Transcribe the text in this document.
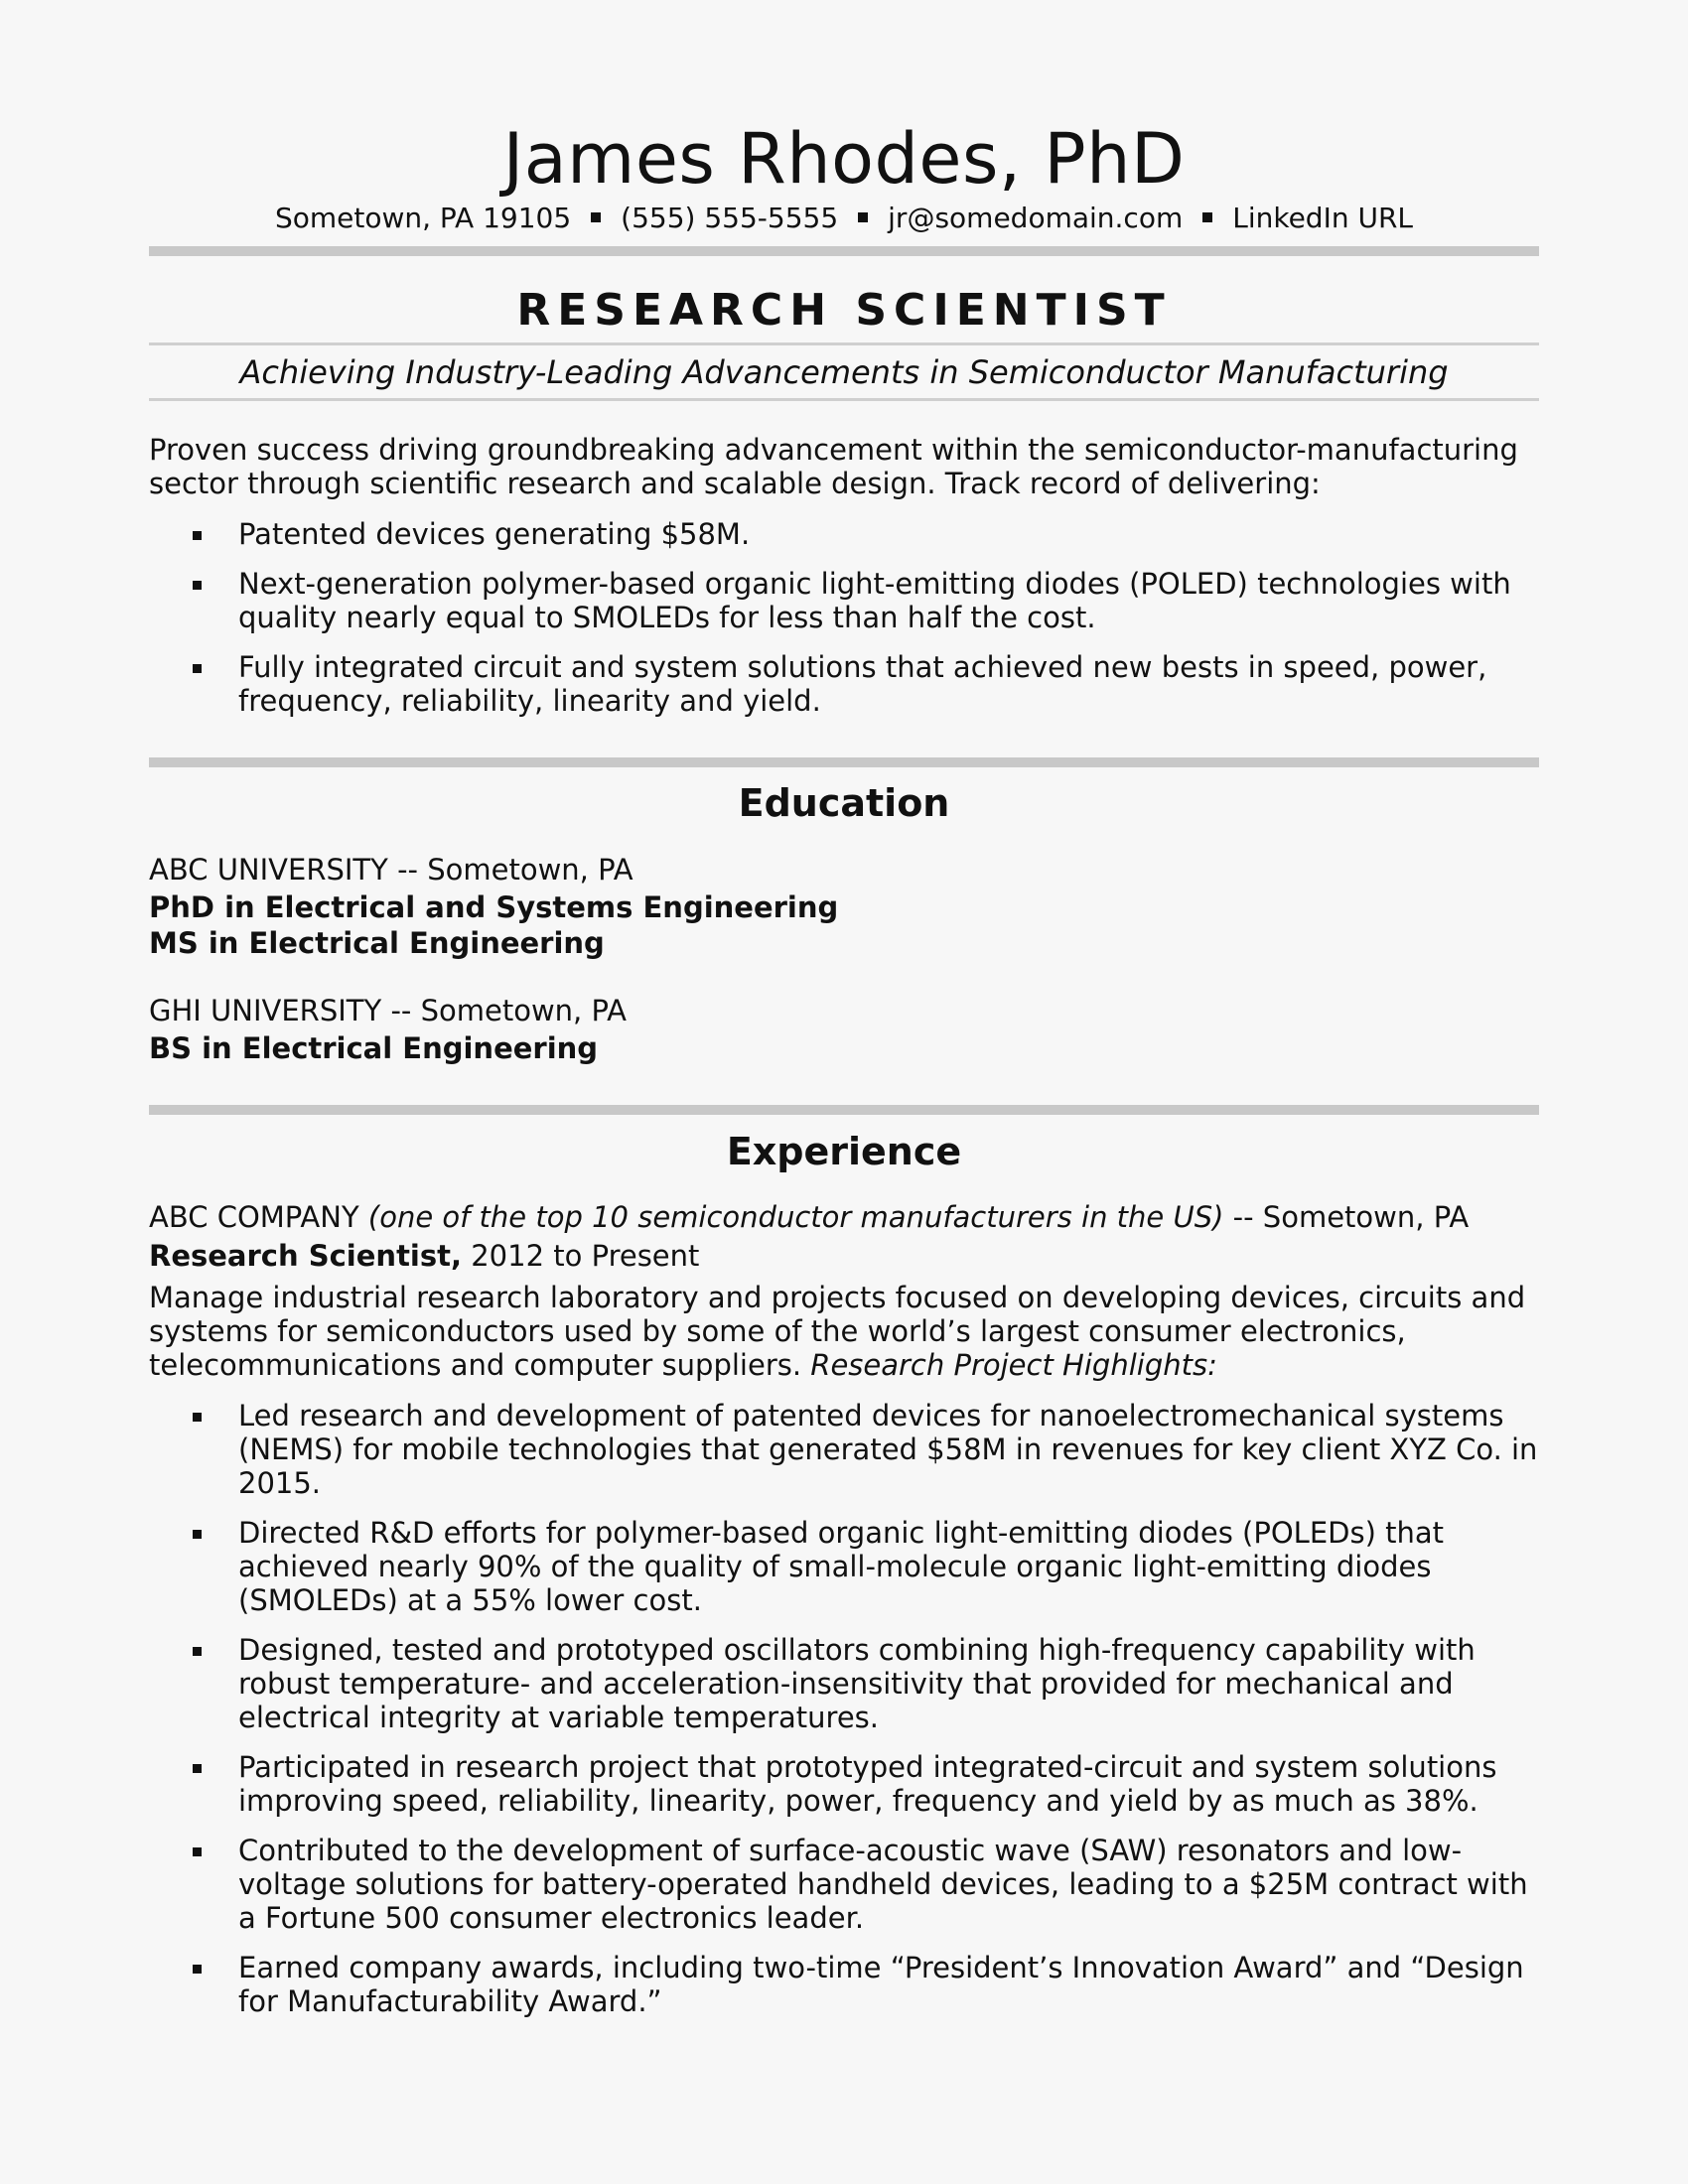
James Rhodes, PhD
Sometown, PA 19105 (555) 555-5555 jr@somedomain.com LinkedIn URL
RESEARCH SCIENTIST
Achieving Industry-Leading Advancements in Semiconductor Manufacturing
Proven success driving groundbreaking advancement within the semiconductor-manufacturing sector through scientific research and scalable design. Track record of delivering:
Patented devices generating $58M.
Next-generation polymer-based organic light-emitting diodes (POLED) technologies with quality nearly equal to SMOLEDs for less than half the cost.
Fully integrated circuit and system solutions that achieved new bests in speed, power, frequency, reliability, linearity and yield.
Education
ABC UNIVERSITY -- Sometown, PA
PhD in Electrical and Systems Engineering
MS in Electrical Engineering
GHI UNIVERSITY -- Sometown, PA
BS in Electrical Engineering
Experience
ABC COMPANY (one of the top 10 semiconductor manufacturers in the US) -- Sometown, PA
Research Scientist, 2012 to Present
Manage industrial research laboratory and projects focused on developing devices, circuits and systems for semiconductors used by some of the world’s largest consumer electronics, telecommunications and computer suppliers. Research Project Highlights:
Led research and development of patented devices for nanoelectromechanical systems (NEMS) for mobile technologies that generated $58M in revenues for key client XYZ Co. in 2015.
Directed R&D efforts for polymer-based organic light-emitting diodes (POLEDs) that achieved nearly 90% of the quality of small-molecule organic light-emitting diodes (SMOLEDs) at a 55% lower cost.
Designed, tested and prototyped oscillators combining high-frequency capability with robust temperature- and acceleration-insensitivity that provided for mechanical and electrical integrity at variable temperatures.
Participated in research project that prototyped integrated-circuit and system solutions improving speed, reliability, linearity, power, frequency and yield by as much as 38%.
Contributed to the development of surface-acoustic wave (SAW) resonators and low-voltage solutions for battery-operated handheld devices, leading to a $25M contract with a Fortune 500 consumer electronics leader.
Earned company awards, including two-time “President’s Innovation Award” and “Design for Manufacturability Award.”
